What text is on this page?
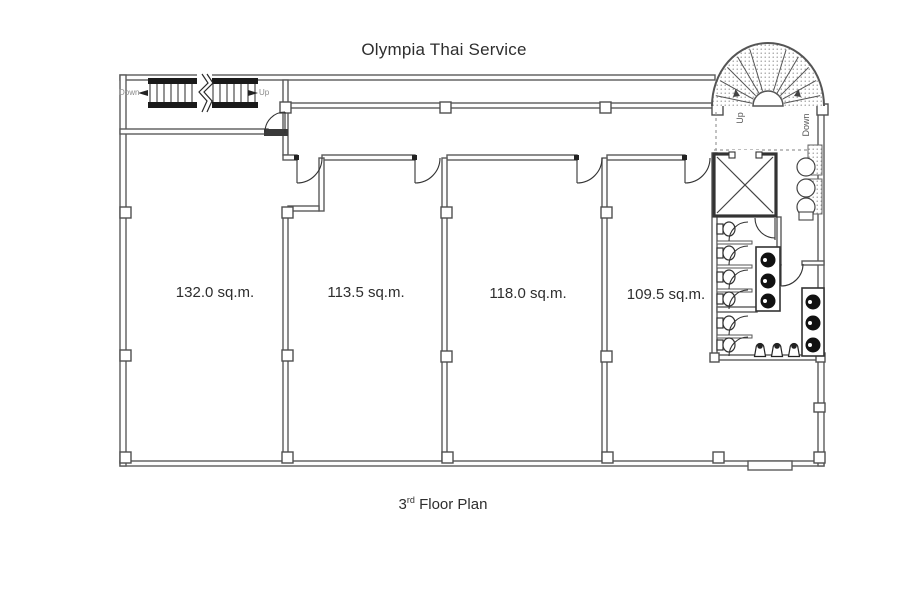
Olympia Thai Service
132.0 sq.m.	113.5 sq.m.	118.0 sq.m.	109.5 sq.m.
Down	Up
Up	Down
3rd Floor Plan
